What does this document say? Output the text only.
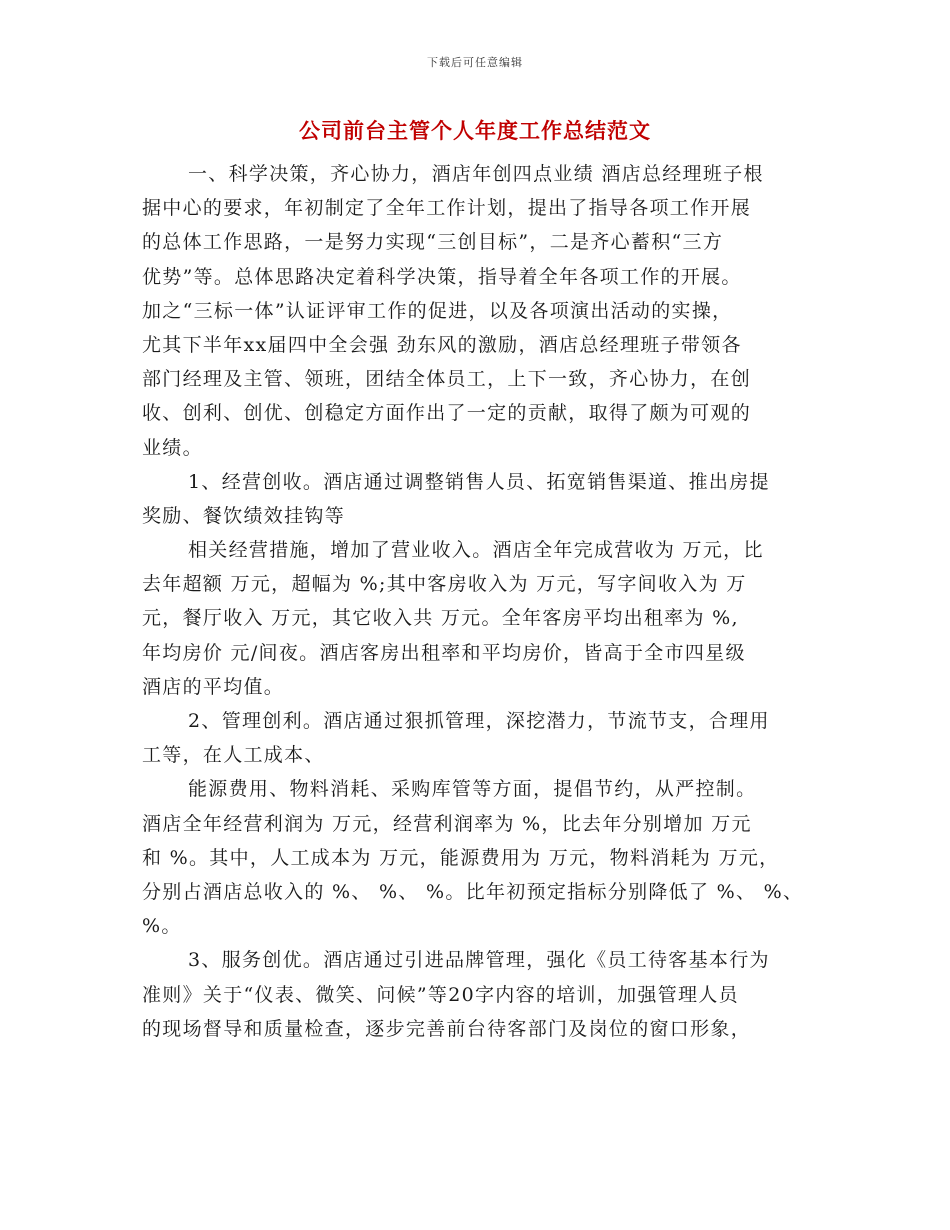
下载后可任意编辑
公司前台主管个人年度工作总结范文
一、科学决策，齐心协力，酒店年创四点业绩 酒店总经理班子根
据中心的要求，年初制定了全年工作计划，提出了指导各项工作开展
的总体工作思路，一是努力实现“三创目标”，二是齐心蓄积“三方
优势”等。总体思路决定着科学决策，指导着全年各项工作的开展。
加之“三标一体”认证评审工作的促进，以及各项演出活动的实操，
尤其下半年xx届四中全会强 劲东风的激励，酒店总经理班子带领各
部门经理及主管、领班，团结全体员工，上下一致，齐心协力，在创
收、创利、创优、创稳定方面作出了一定的贡献，取得了颇为可观的
业绩。
1、经营创收。酒店通过调整销售人员、拓宽销售渠道、推出房提
奖励、餐饮绩效挂钩等
相关经营措施，增加了营业收入。酒店全年完成营收为 万元，比
去年超额 万元，超幅为 %;其中客房收入为 万元，写字间收入为 万
元，餐厅收入 万元，其它收入共 万元。全年客房平均出租率为 %,
年均房价 元/间夜。酒店客房出租率和平均房价，皆高于全市四星级
酒店的平均值。
2、管理创利。酒店通过狠抓管理，深挖潜力，节流节支，合理用
工等，在人工成本、
能源费用、物料消耗、采购库管等方面，提倡节约，从严控制。
酒店全年经营利润为 万元，经营利润率为 %，比去年分别增加 万元
和 %。其中，人工成本为 万元，能源费用为 万元，物料消耗为 万元，
分别占酒店总收入的 %、 %、 %。比年初预定指标分别降低了 %、 %、
%。
3、服务创优。酒店通过引进品牌管理，强化《员工待客基本行为
准则》关于“仪表、微笑、问候”等20字内容的培训，加强管理人员
的现场督导和质量检查，逐步完善前台待客部门及岗位的窗口形象，
